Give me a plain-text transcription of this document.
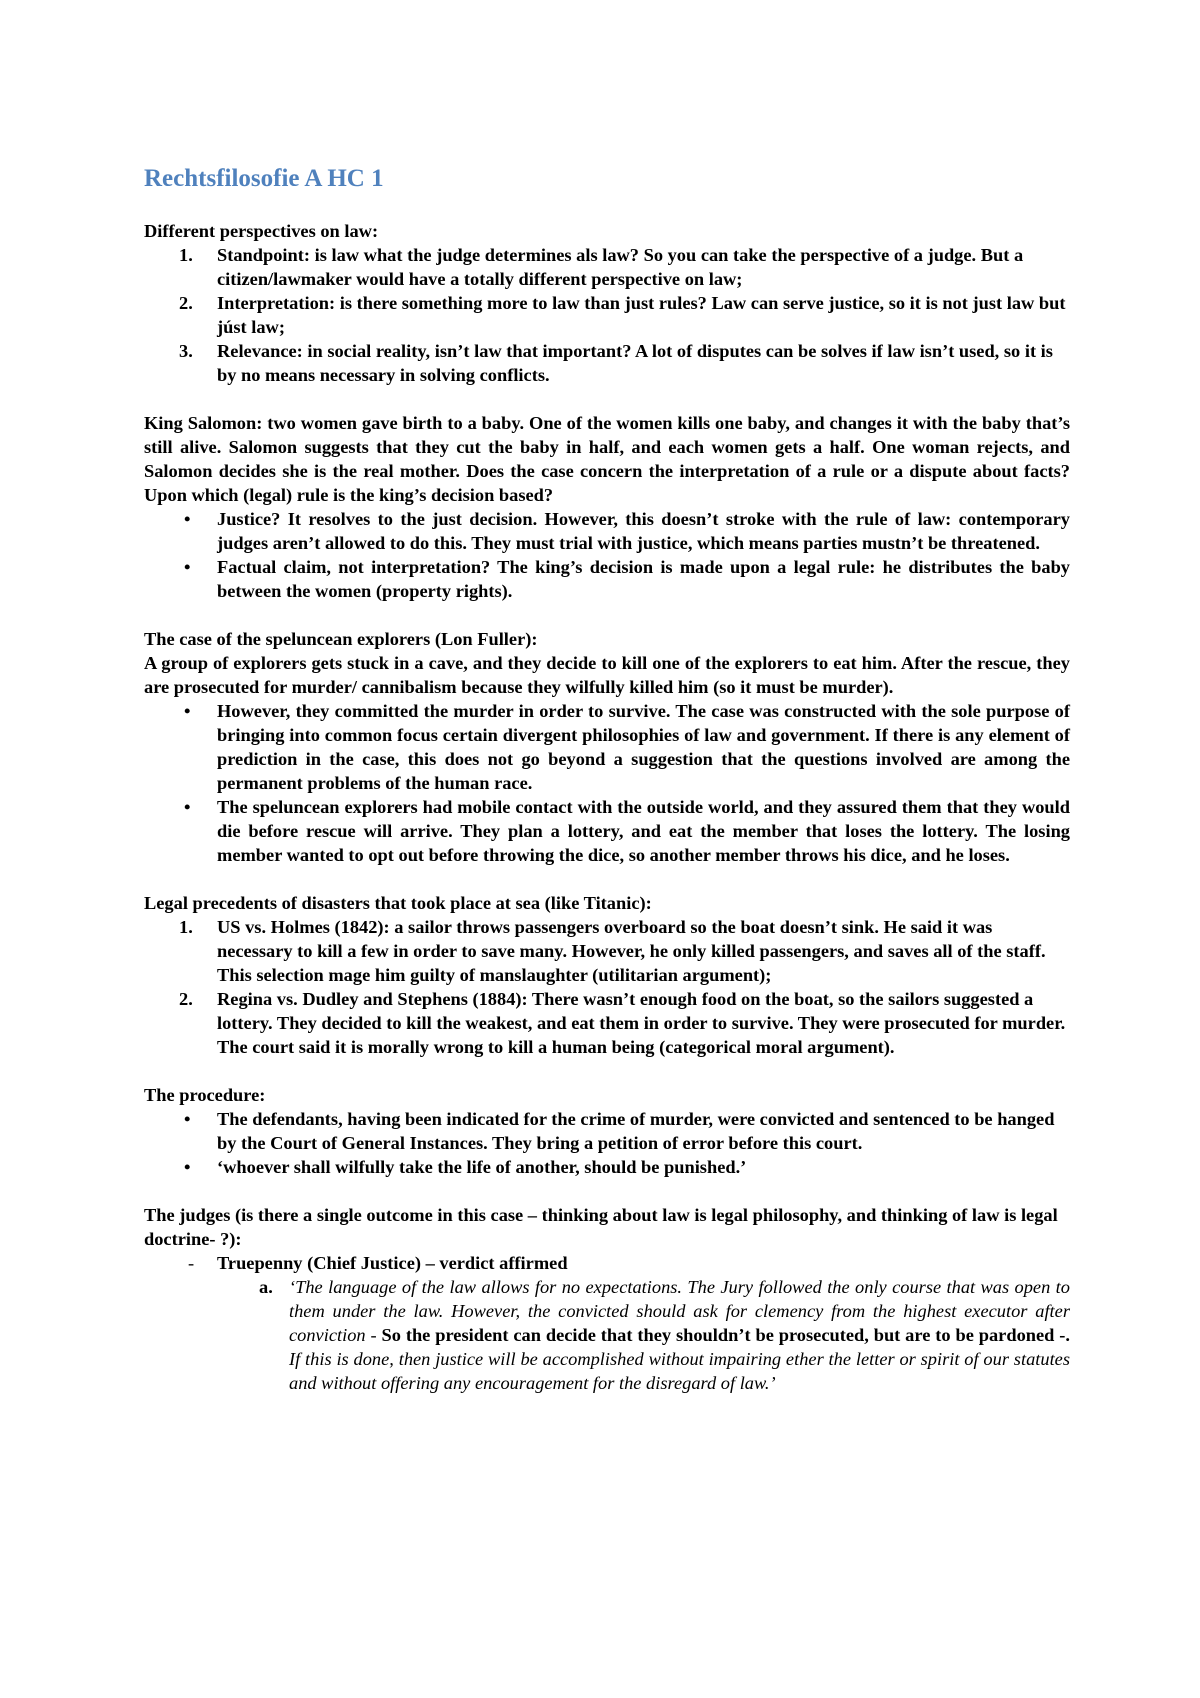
Rechtsfilosofie A HC 1

Different perspectives on law:

1. Standpoint: is law what the judge determines als law? So you can take the perspective of a judge. But a citizen/lawmaker would have a totally different perspective on law;
2. Interpretation: is there something more to law than just rules? Law can serve justice, so it is not just law but júst law;
3. Relevance: in social reality, isn’t law that important? A lot of disputes can be solves if law isn’t used, so it is by no means necessary in solving conflicts.

King Salomon: two women gave birth to a baby. One of the women kills one baby, and changes it with the baby that’s still alive. Salomon suggests that they cut the baby in half, and each women gets a half. One woman rejects, and Salomon decides she is the real mother. Does the case concern the interpretation of a rule or a dispute about facts? Upon which (legal) rule is the king’s decision based?

• Justice? It resolves to the just decision. However, this doesn’t stroke with the rule of law: contemporary judges aren’t allowed to do this. They must trial with justice, which means parties mustn’t be threatened.
• Factual claim, not interpretation? The king’s decision is made upon a legal rule: he distributes the baby between the women (property rights).

The case of the speluncean explorers (Lon Fuller):

A group of explorers gets stuck in a cave, and they decide to kill one of the explorers to eat him. After the rescue, they are prosecuted for murder/ cannibalism because they wilfully killed him (so it must be murder).

• However, they committed the murder in order to survive. The case was constructed with the sole purpose of bringing into common focus certain divergent philosophies of law and government. If there is any element of prediction in the case, this does not go beyond a suggestion that the questions involved are among the permanent problems of the human race.
• The speluncean explorers had mobile contact with the outside world, and they assured them that they would die before rescue will arrive. They plan a lottery, and eat the member that loses the lottery. The losing member wanted to opt out before throwing the dice, so another member throws his dice, and he loses.

Legal precedents of disasters that took place at sea (like Titanic):

1. US vs. Holmes (1842): a sailor throws passengers overboard so the boat doesn’t sink. He said it was necessary to kill a few in order to save many. However, he only killed passengers, and saves all of the staff. This selection mage him guilty of manslaughter (utilitarian argument);
2. Regina vs. Dudley and Stephens (1884): There wasn’t enough food on the boat, so the sailors suggested a lottery. They decided to kill the weakest, and eat them in order to survive. They were prosecuted for murder. The court said it is morally wrong to kill a human being (categorical moral argument).

The procedure:

• The defendants, having been indicated for the crime of murder, were convicted and sentenced to be hanged by the Court of General Instances. They bring a petition of error before this court.
• ‘whoever shall wilfully take the life of another, should be punished.’

The judges (is there a single outcome in this case – thinking about law is legal philosophy, and thinking of law is legal doctrine- ?):

- Truepenny (Chief Justice) – verdict affirmed
a. ‘The language of the law allows for no expectations. The Jury followed the only course that was open to them under the law. However, the convicted should ask for clemency from the highest executor after conviction - So the president can decide that they shouldn’t be prosecuted, but are to be pardoned -. If this is done, then justice will be accomplished without impairing ether the letter or spirit of our statutes and without offering any encouragement for the disregard of law.’
